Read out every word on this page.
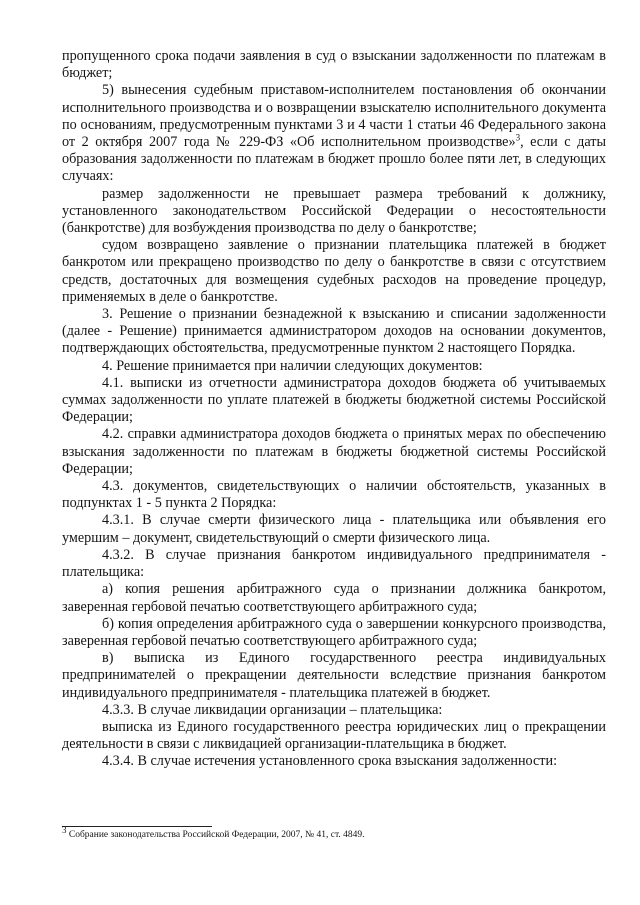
пропущенного срока подачи заявления в суд о взыскании задолженности по платежам в бюджет;

5) вынесения судебным приставом-исполнителем постановления об окончании исполнительного производства и о возвращении взыскателю исполнительного документа по основаниям, предусмотренным пунктами 3 и 4 части 1 статьи 46 Федерального закона от 2 октября 2007 года № 229-ФЗ «Об исполнительном производстве»$^3$, если с даты образования задолженности по платежам в бюджет прошло более пяти лет, в следующих случаях:

размер задолженности не превышает размера требований к должнику, установленного законодательством Российской Федерации о несостоятельности (банкротстве) для возбуждения производства по делу о банкротстве;

судом возвращено заявление о признании плательщика платежей в бюджет банкротом или прекращено производство по делу о банкротстве в связи с отсутствием средств, достаточных для возмещения судебных расходов на проведение процедур, применяемых в деле о банкротстве.

3. Решение о признании безнадежной к взысканию и списании задолженности (далее - Решение) принимается администратором доходов на основании документов, подтверждающих обстоятельства, предусмотренные пунктом 2 настоящего Порядка.

4. Решение принимается при наличии следующих документов:

4.1. выписки из отчетности администратора доходов бюджета об учитываемых суммах задолженности по уплате платежей в бюджеты бюджетной системы Российской Федерации;

4.2. справки администратора доходов бюджета о принятых мерах по обеспечению взыскания задолженности по платежам в бюджеты бюджетной системы Российской Федерации;

4.3. документов, свидетельствующих о наличии обстоятельств, указанных в подпунктах 1 - 5 пункта 2 Порядка:

4.3.1. В случае смерти физического лица - плательщика или объявления его умершим – документ, свидетельствующий о смерти физического лица.

4.3.2. В случае признания банкротом индивидуального предпринимателя - плательщика:

а) копия решения арбитражного суда о признании должника банкротом, заверенная гербовой печатью соответствующего арбитражного суда;

б) копия определения арбитражного суда о завершении конкурсного производства, заверенная гербовой печатью соответствующего арбитражного суда;

в) выписка из Единого государственного реестра индивидуальных предпринимателей о прекращении деятельности вследствие признания банкротом индивидуального предпринимателя - плательщика платежей в бюджет.

4.3.3. В случае ликвидации организации – плательщика:

выписка из Единого государственного реестра юридических лиц о прекращении деятельности в связи с ликвидацией организации-плательщика в бюджет.

4.3.4. В случае истечения установленного срока взыскания задолженности:

$^3$ Собрание законодательства Российской Федерации, 2007, № 41, ст. 4849.
